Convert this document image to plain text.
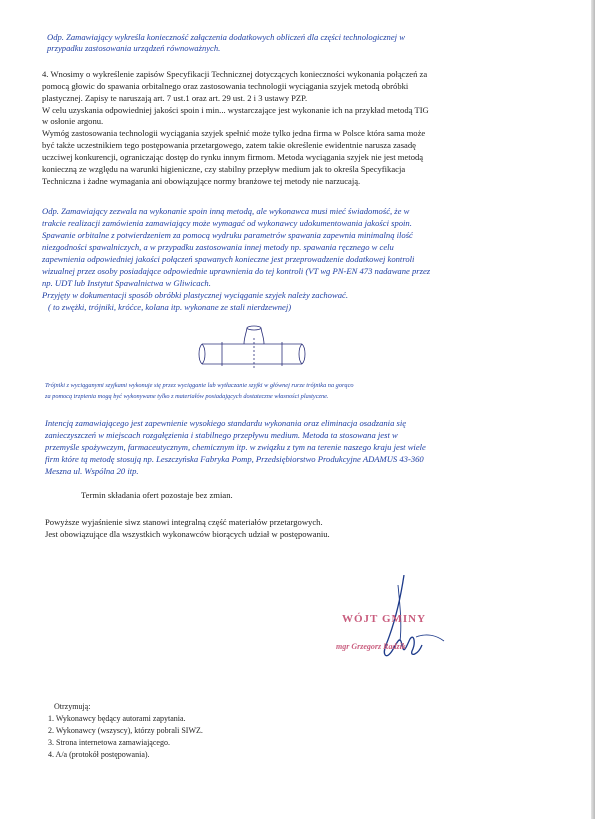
Odp. Zamawiający wykreśla konieczność załączenia dodatkowych obliczeń dla części technologicznej w
przypadku zastosowania urządzeń równoważnych.
4. Wnosimy o wykreślenie zapisów Specyfikacji Technicznej dotyczących konieczności wykonania połączeń za
pomocą głowic do spawania orbitalnego oraz zastosowania technologii wyciągania szyjek metodą obróbki
plastycznej. Zapisy te naruszają art. 7 ust.1 oraz art. 29 ust. 2 i 3 ustawy PZP.
W celu uzyskania odpowiedniej jakości spoin i min... wystarczające jest wykonanie ich na przykład metodą TIG
w osłonie argonu.
Wymóg zastosowania technologii wyciągania szyjek spełnić może tylko jedna firma w Polsce która sama może
być także uczestnikiem tego postępowania przetargowego, zatem takie określenie ewidentnie narusza zasadę
uczciwej konkurencji, ograniczając dostęp do rynku innym firmom. Metoda wyciągania szyjek nie jest metodą
konieczną ze względu na warunki higieniczne, czy stabilny przepływ medium jak to określa Specyfikacja
Techniczna i żadne wymagania ani obowiązujące normy branżowe tej metody nie narzucają.
Odp. Zamawiający zezwala na wykonanie spoin inną metodą, ale wykonawca musi mieć świadomość, że w
trakcie realizacji zamówienia zamawiający może wymagać od wykonawcy udokumentowania jakości spoin.
Spawanie orbitalne z potwierdzeniem za pomocą wydruku parametrów spawania zapewnia minimalną ilość
niezgodności spawalniczych, a w przypadku zastosowania innej metody np. spawania ręcznego w celu
zapewnienia odpowiedniej jakości połączeń spawanych konieczne jest przeprowadzenie dodatkowej kontroli
wizualnej przez osoby posiadające odpowiednie uprawnienia do tej kontroli (VT wg PN-EN 473 nadawane przez
np. UDT lub Instytut Spawalnictwa w Gliwicach.
Przyjęty w dokumentacji sposób obróbki plastycznej wyciąganie szyjek należy zachować.
( to zwężki, trójniki, króćce, kolana itp. wykonane ze stali nierdzewnej)
Trójniki z wyciąganymi szyjkami wykonuje się przez wyciąganie lub wytłaczanie szyjki w głównej rurze trójnika na gorąco
za pomocą trzpienia mogą być wykonywane tylko z materiałów posiadających dostateczne własności plastyczne.
Intencją zamawiającego jest zapewnienie wysokiego standardu wykonania oraz eliminacja osadzania się
zanieczyszczeń w miejscach rozgałęzienia i stabilnego przepływu medium. Metoda ta stosowana jest w
przemyśle spożywczym, farmaceutycznym, chemicznym itp. w związku z tym na terenie naszego kraju jest wiele
firm które tą metodę stosują np. Leszczyńska Fabryka Pomp, Przedsiębiorstwo Produkcyjne ADAMUS 43-360
Meszna ul. Wspólna 20 itp.
Termin składania ofert pozostaje bez zmian.
Powyższe wyjaśnienie siwz stanowi integralną część materiałów przetargowych.
Jest obowiązujące dla wszystkich wykonawców biorących udział w postępowaniu.
WÓJT GMINY
mgr Grzegorz Radzik
Otrzymują:
1. Wykonawcy będący autorami zapytania.
2. Wykonawcy (wszyscy), którzy pobrali SIWZ.
3. Strona internetowa zamawiającego.
4. A/a (protokół postępowania).
